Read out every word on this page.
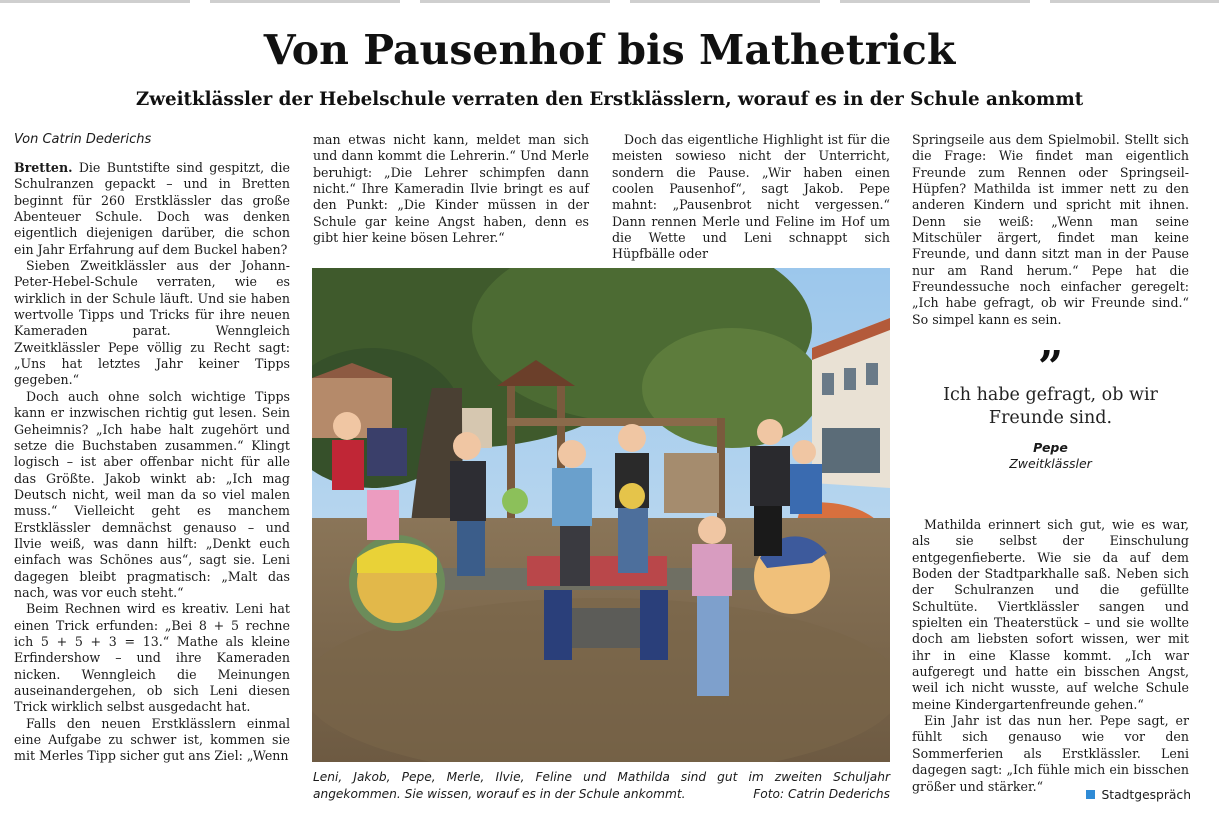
Von Pausenhof bis Mathetrick
Zweitklässler der Hebelschule verraten den Erstklässlern, worauf es in der Schule ankommt
Von Catrin Dederichs

Bretten. Die Buntstifte sind gespitzt, die Schulranzen gepackt – und in Bretten beginnt für 260 Erstklässler das große Abenteuer Schule. Doch was denken eigentlich diejenigen darüber, die schon ein Jahr Erfahrung auf dem Buckel haben?

Sieben Zweitklässler aus der Johann-Peter-Hebel-Schule verraten, wie es wirklich in der Schule läuft. Und sie haben wertvolle Tipps und Tricks für ihre neuen Kameraden parat. Wenngleich Zweitklässler Pepe völlig zu Recht sagt: „Uns hat letztes Jahr keiner Tipps gegeben.“

Doch auch ohne solch wichtige Tipps kann er inzwischen richtig gut lesen. Sein Geheimnis? „Ich habe halt zugehört und setze die Buchstaben zusammen.“ Klingt logisch – ist aber offenbar nicht für alle das Größte. Jakob winkt ab: „Ich mag Deutsch nicht, weil man da so viel malen muss.“ Vielleicht geht es manchem Erstklässler demnächst genauso – und Ilvie weiß, was dann hilft: „Denkt euch einfach was Schönes aus“, sagt sie. Leni dagegen bleibt pragmatisch: „Malt das nach, was vor euch steht.“

Beim Rechnen wird es kreativ. Leni hat einen Trick erfunden: „Bei 8 + 5 rechne ich 5 + 5 + 3 = 13.“ Mathe als kleine Erfindershow – und ihre Kameraden nicken. Wenngleich die Meinungen auseinandergehen, ob sich Leni diesen Trick wirklich selbst ausgedacht hat.

Falls den neuen Erstklässlern einmal eine Aufgabe zu schwer ist, kommen sie mit Merles Tipp sicher gut ans Ziel: „Wenn

man etwas nicht kann, meldet man sich und dann kommt die Lehrerin.“ Und Merle beruhigt: „Die Lehrer schimpfen dann nicht.“ Ihre Kameradin Ilvie bringt es auf den Punkt: „Die Kinder müssen in der Schule gar keine Angst haben, denn es gibt hier keine bösen Lehrer.“

Doch das eigentliche Highlight ist für die meisten sowieso nicht der Unterricht, sondern die Pause. „Wir haben einen coolen Pausenhof“, sagt Jakob. Pepe mahnt: „Pausenbrot nicht vergessen.“ Dann rennen Merle und Feline im Hof um die Wette und Leni schnappt sich Hüpfbälle oder

Springseile aus dem Spielmobil. Stellt sich die Frage: Wie findet man eigentlich Freunde zum Rennen oder Springseil-Hüpfen? Mathilda ist immer nett zu den anderen Kindern und spricht mit ihnen. Denn sie weiß: „Wenn man seine Mitschüler ärgert, findet man keine Freunde, und dann sitzt man in der Pause nur am Rand herum.“ Pepe hat die Freundessuche noch einfacher geregelt: „Ich habe gefragt, ob wir Freunde sind.“ So simpel kann es sein.

”
Ich habe gefragt, ob wir Freunde sind.
Pepe
Zweitklässler

Mathilda erinnert sich gut, wie es war, als sie selbst der Einschulung entgegenfieberte. Wie sie da auf dem Boden der Stadtparkhalle saß. Neben sich der Schulranzen und die gefüllte Schultüte. Viertklässler sangen und spielten ein Theaterstück – und sie wollte doch am liebsten sofort wissen, wer mit ihr in eine Klasse kommt. „Ich war aufgeregt und hatte ein bisschen Angst, weil ich nicht wusste, auf welche Schule meine Kindergartenfreunde gehen.“

Ein Jahr ist das nun her. Pepe sagt, er fühlt sich genauso wie vor den Sommerferien als Erstklässler. Leni dagegen sagt: „Ich fühle mich ein bisschen größer und stärker.“

Leni, Jakob, Pepe, Merle, Ilvie, Feline und Mathilda sind gut im zweiten Schuljahr angekommen. Sie wissen, worauf es in der Schule ankommt.	Foto: Catrin Dederichs	Stadtgespräch
